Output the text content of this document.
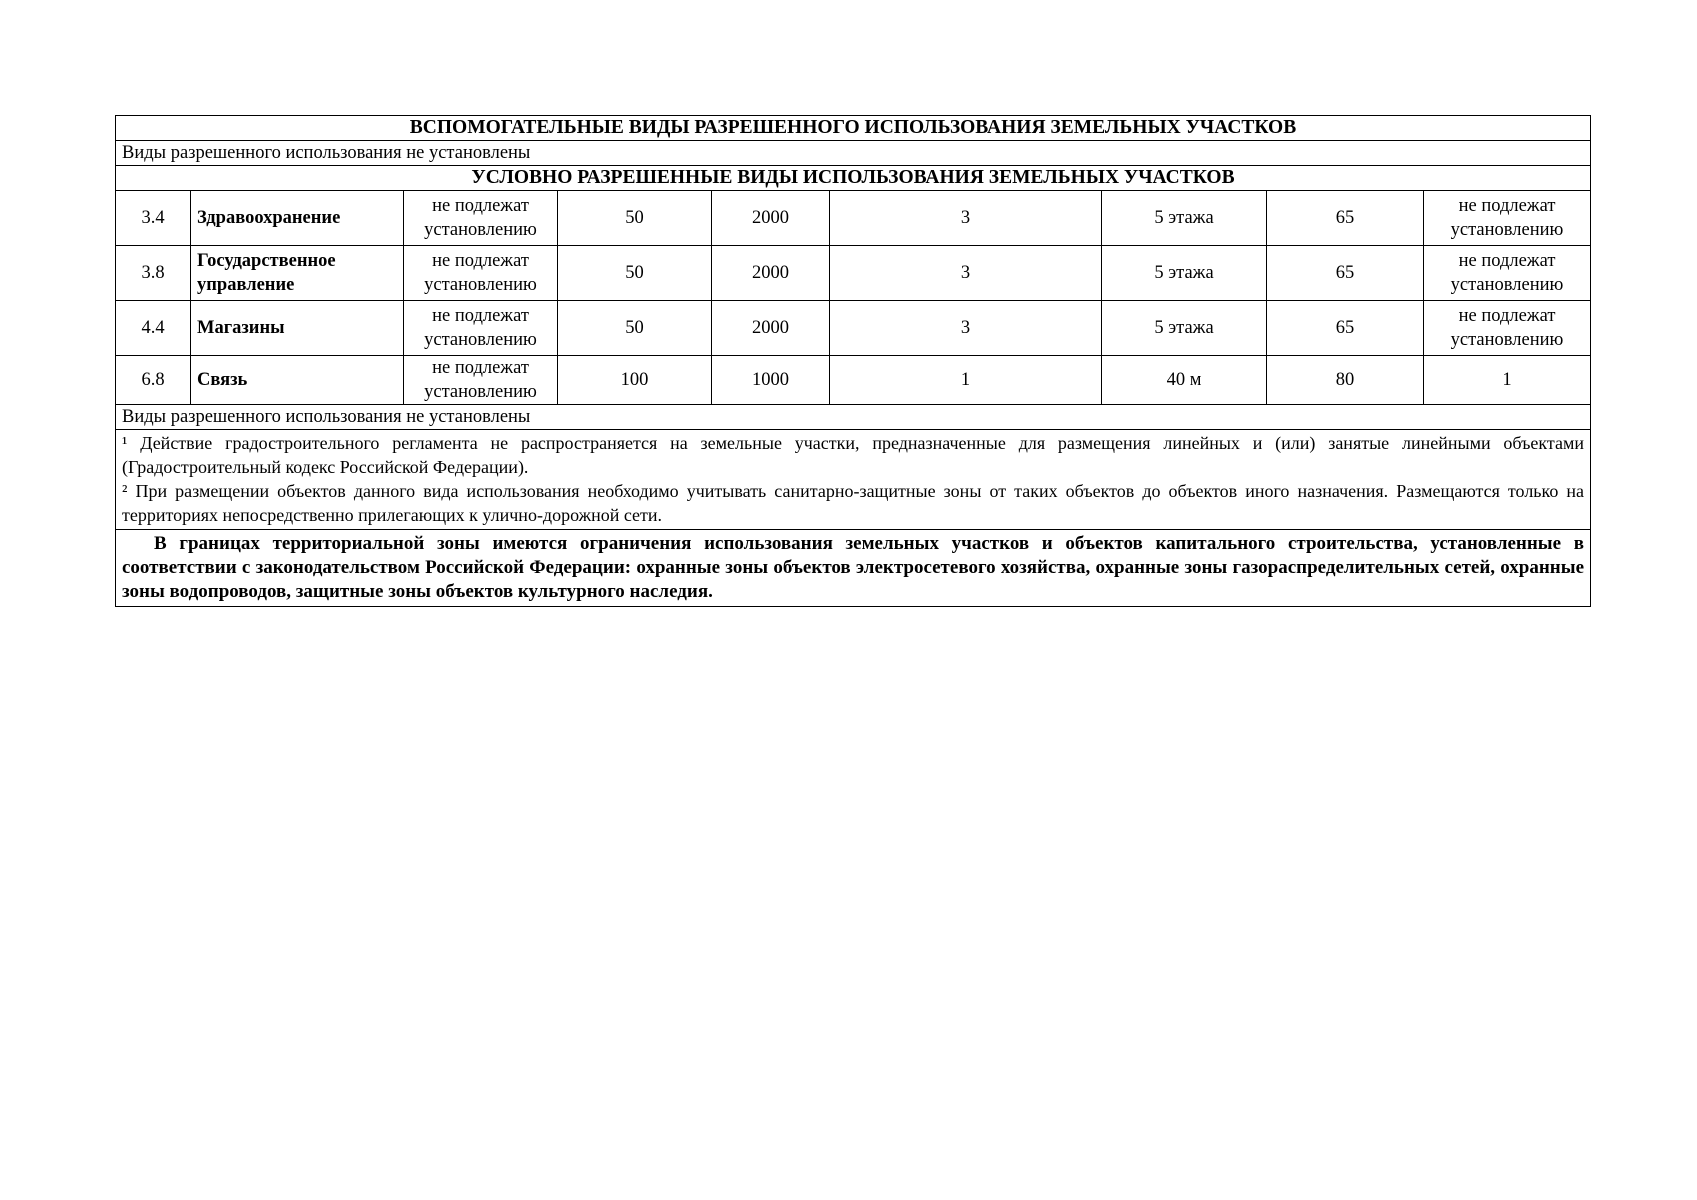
ВСПОМОГАТЕЛЬНЫЕ ВИДЫ РАЗРЕШЕННОГО ИСПОЛЬЗОВАНИЯ ЗЕМЕЛЬНЫХ УЧАСТКОВ								
Виды разрешенного использования не установлены								
УСЛОВНО РАЗРЕШЕННЫЕ ВИДЫ ИСПОЛЬЗОВАНИЯ ЗЕМЕЛЬНЫХ УЧАСТКОВ								
3.4	Здравоохранение	не подлежат установлению	50	2000	3	5 этажа	65	не подлежат установлению
3.8	Государственное управление	не подлежат установлению	50	2000	3	5 этажа	65	не подлежат установлению
4.4	Магазины	не подлежат установлению	50	2000	3	5 этажа	65	не подлежат установлению
6.8	Связь	не подлежат установлению	100	1000	1	40 м	80	1
Виды разрешенного использования не установлены								

¹ Действие градостроительного регламента не распространяется на земельные участки, предназначенные для размещения линейных и (или) занятые линейными объектами (Градостроительный кодекс Российской Федерации).

² При размещении объектов данного вида использования необходимо учитывать санитарно-защитные зоны от таких объектов до объектов иного назначения. Размещаются только на территориях непосредственно прилегающих к улично-дорожной сети.								

В границах территориальной зоны имеются ограничения использования земельных участков и объектов капитального строительства, установленные в соответствии с законодательством Российской Федерации: охранные зоны объектов электросетевого хозяйства, охранные зоны газораспределительных сетей, охранные зоны водопроводов, защитные зоны объектов культурного наследия.								
